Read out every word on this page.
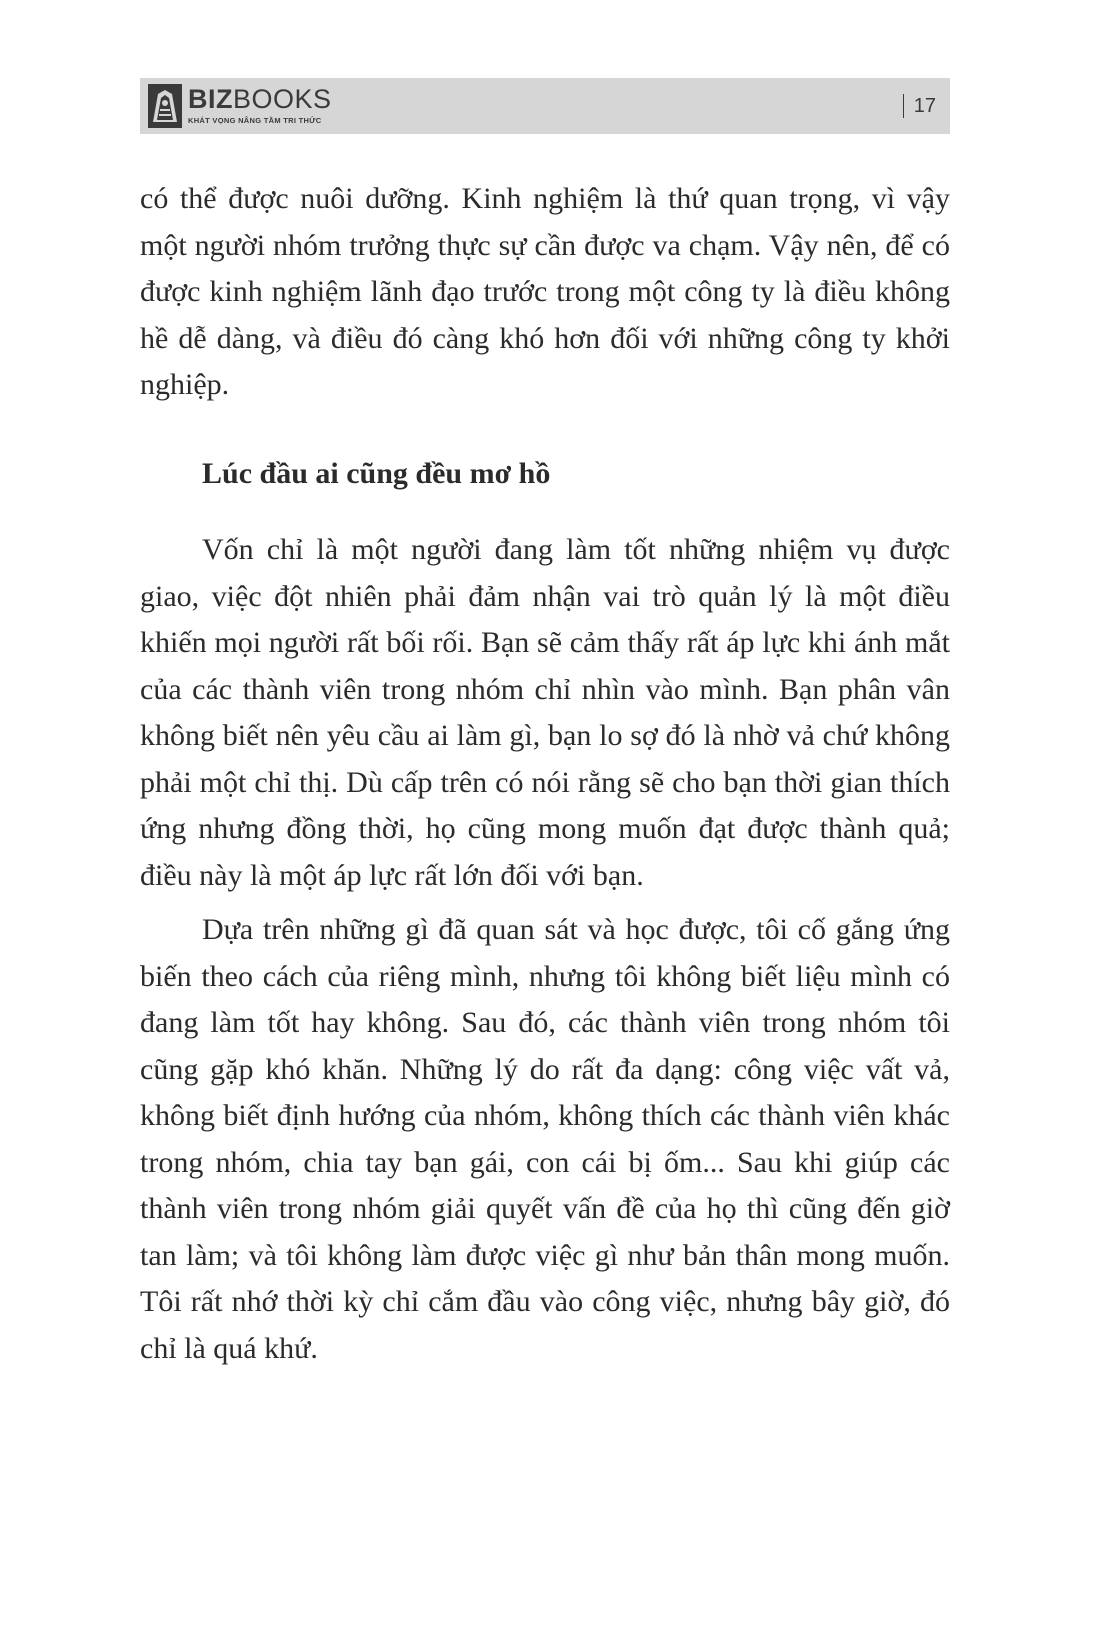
BIZBOOKS
KHÁT VỌNG NÂNG TẦM TRI THỨC
17

có thể được nuôi dưỡng. Kinh nghiệm là thứ quan trọng, vì vậy một người nhóm trưởng thực sự cần được va chạm. Vậy nên, để có được kinh nghiệm lãnh đạo trước trong một công ty là điều không hề dễ dàng, và điều đó càng khó hơn đối với những công ty khởi nghiệp.

Lúc đầu ai cũng đều mơ hồ

Vốn chỉ là một người đang làm tốt những nhiệm vụ được giao, việc đột nhiên phải đảm nhận vai trò quản lý là một điều khiến mọi người rất bối rối. Bạn sẽ cảm thấy rất áp lực khi ánh mắt của các thành viên trong nhóm chỉ nhìn vào mình. Bạn phân vân không biết nên yêu cầu ai làm gì, bạn lo sợ đó là nhờ vả chứ không phải một chỉ thị. Dù cấp trên có nói rằng sẽ cho bạn thời gian thích ứng nhưng đồng thời, họ cũng mong muốn đạt được thành quả; điều này là một áp lực rất lớn đối với bạn.

Dựa trên những gì đã quan sát và học được, tôi cố gắng ứng biến theo cách của riêng mình, nhưng tôi không biết liệu mình có đang làm tốt hay không. Sau đó, các thành viên trong nhóm tôi cũng gặp khó khăn. Những lý do rất đa dạng: công việc vất vả, không biết định hướng của nhóm, không thích các thành viên khác trong nhóm, chia tay bạn gái, con cái bị ốm... Sau khi giúp các thành viên trong nhóm giải quyết vấn đề của họ thì cũng đến giờ tan làm; và tôi không làm được việc gì như bản thân mong muốn. Tôi rất nhớ thời kỳ chỉ cắm đầu vào công việc, nhưng bây giờ, đó chỉ là quá khứ.
